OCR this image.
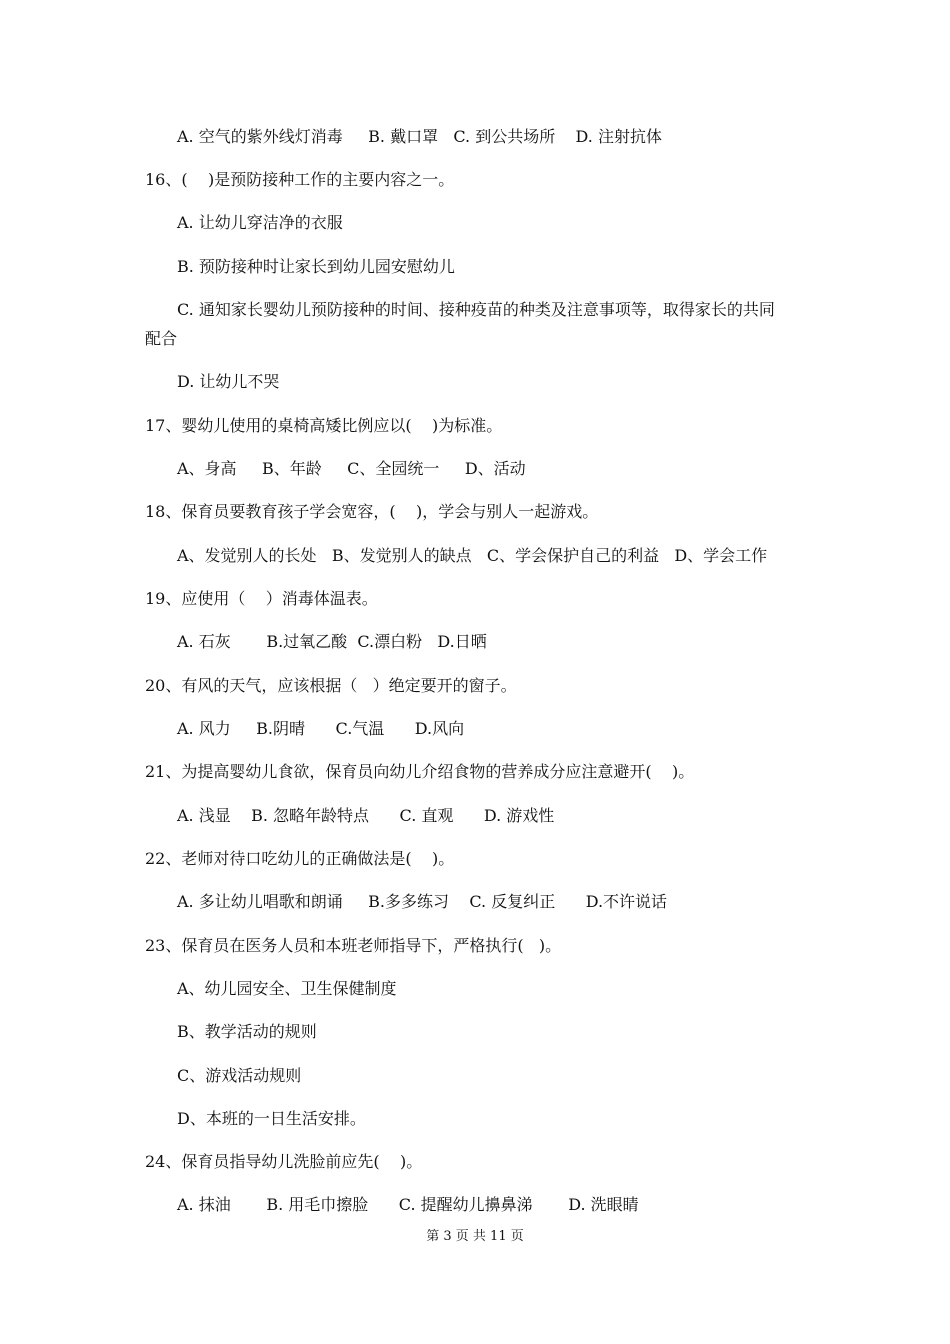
A. 空气的紫外线灯消毒     B. 戴口罩   C. 到公共场所    D. 注射抗体

16、(    )是预防接种工作的主要内容之一。

A. 让幼儿穿洁净的衣服

B. 预防接种时让家长到幼儿园安慰幼儿

C. 通知家长婴幼儿预防接种的时间、接种疫苗的种类及注意事项等，取得家长的共同

配合

D. 让幼儿不哭

17、婴幼儿使用的桌椅高矮比例应以(    )为标准。

A、身高     B、年龄     C、全园统一     D、活动

18、保育员要教育孩子学会宽容，(    )，学会与别人一起游戏。

A、发觉别人的长处   B、发觉别人的缺点   C、学会保护自己的利益   D、学会工作

19、应使用（    ）消毒体温表。

A. 石灰       B.过氧乙酸  C.漂白粉   D.日晒

20、有风的天气，应该根据（   ）绝定要开的窗子。

A. 风力     B.阴晴      C.气温      D.风向

21、为提高婴幼儿食欲，保育员向幼儿介绍食物的营养成分应注意避开(    )。

A. 浅显    B. 忽略年龄特点      C. 直观      D. 游戏性

22、老师对待口吃幼儿的正确做法是(    )。

A. 多让幼儿唱歌和朗诵     B.多多练习    C. 反复纠正      D.不许说话

23、保育员在医务人员和本班老师指导下，严格执行(   )。

A、幼儿园安全、卫生保健制度

B、教学活动的规则

C、游戏活动规则

D、本班的一日生活安排。

24、保育员指导幼儿洗脸前应先(    )。

A. 抹油       B. 用毛巾擦脸      C. 提醒幼儿擤鼻涕       D. 洗眼睛

第 3 页 共 11 页
